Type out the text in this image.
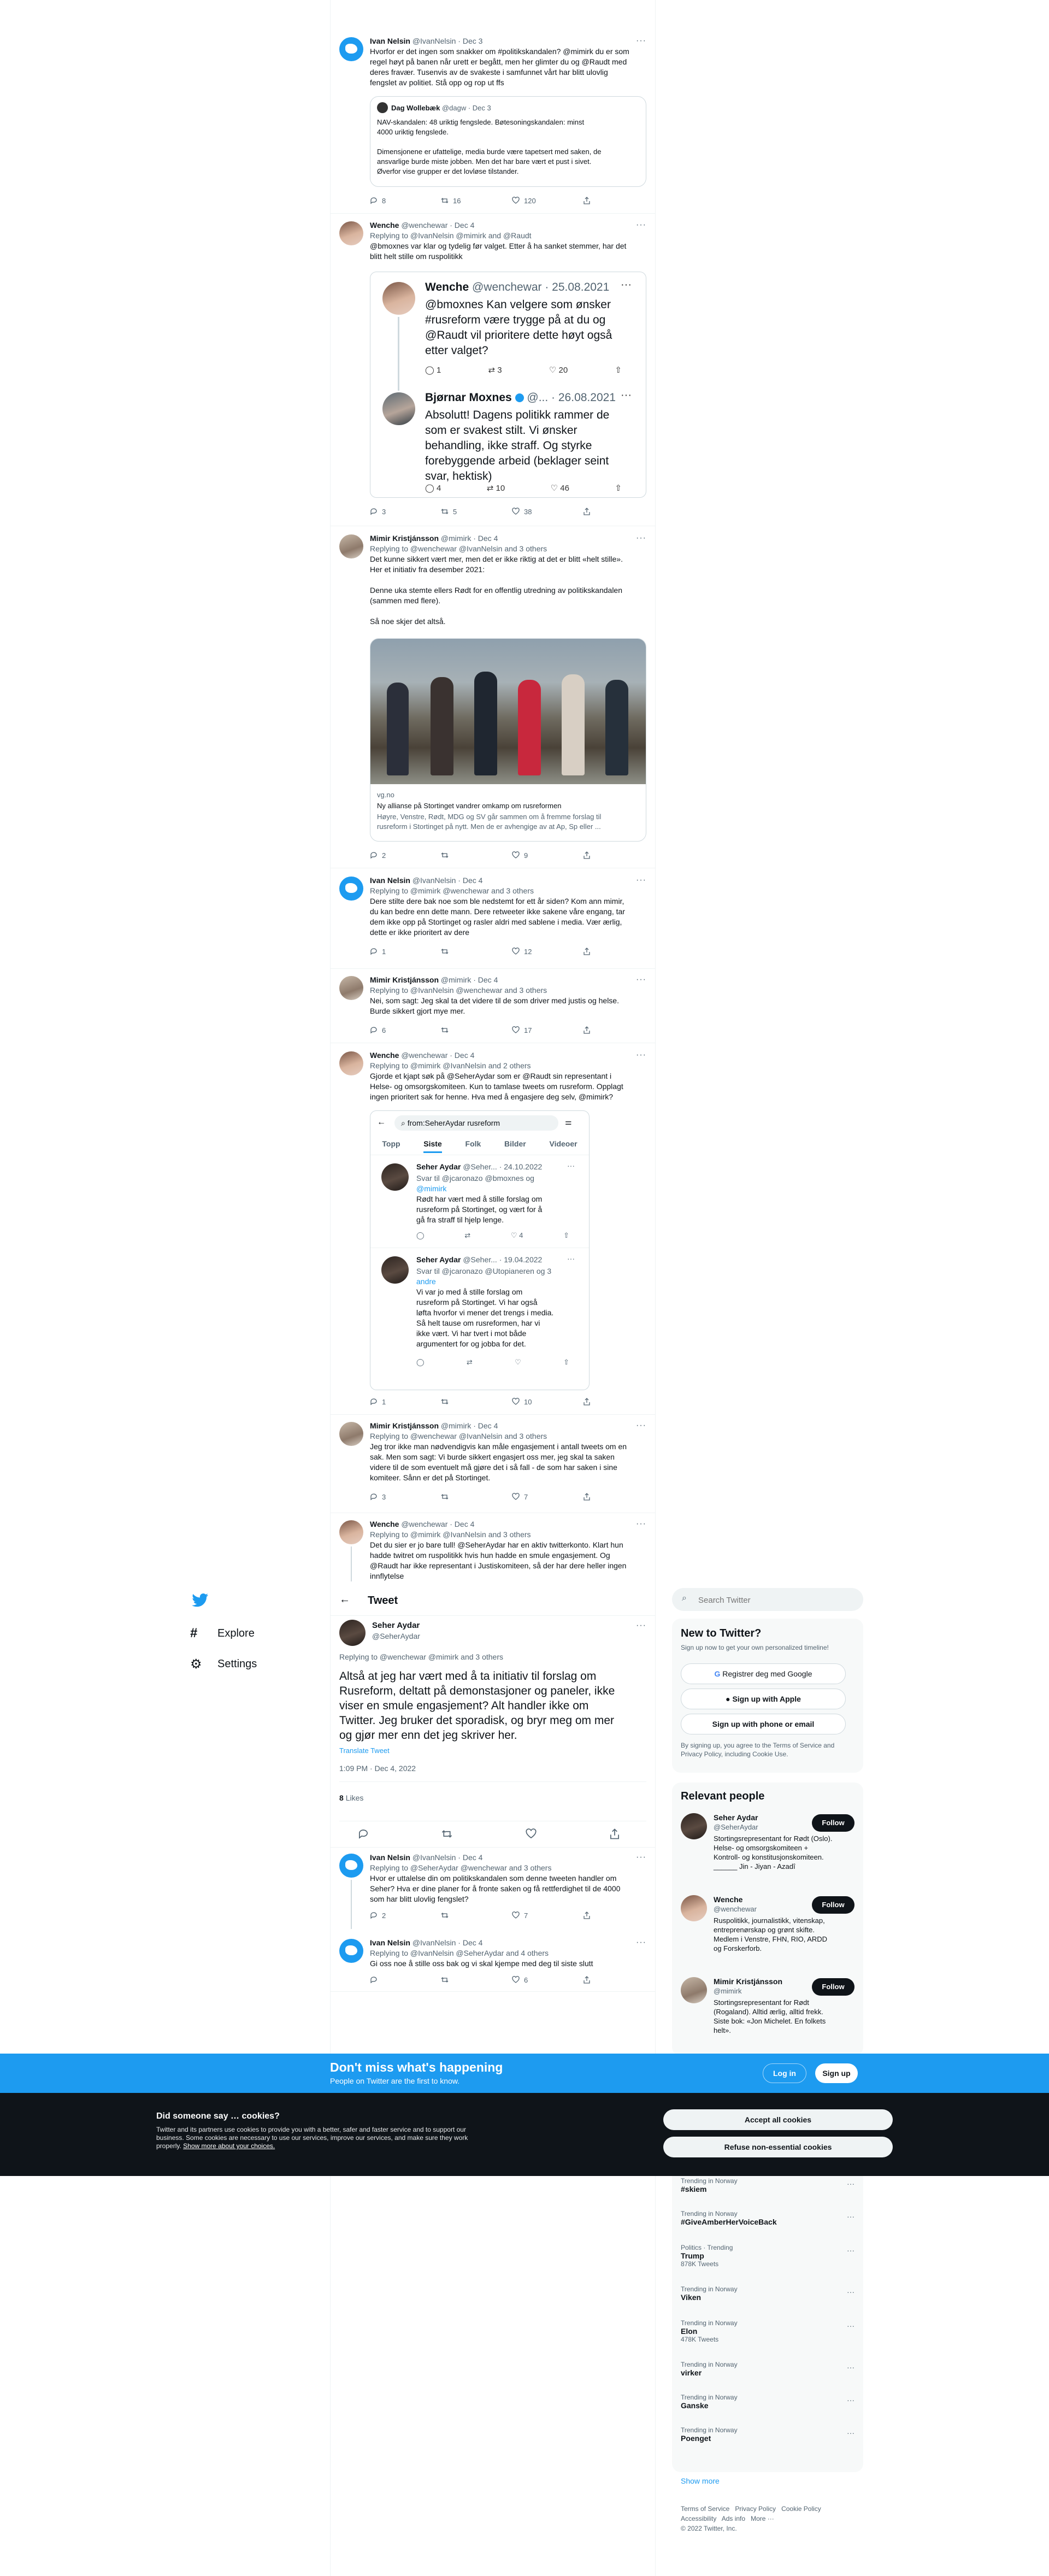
Ivan Nelsin @IvanNelsin · Dec 3

Hvorfor er det ingen som snakker om #politikskandalen? @mimirk du er som

regel høyt på banen når urett er begått, men her glimter du og @Raudt med

deres fravær. Tusenvis av de svakeste i samfunnet vårt har blitt ulovlig

fengslet av politiet. Stå opp og rop ut ffs

···
Dag Wollebæk @dagw · Dec 3
NAV-skandalen: 48 uriktig fengslede. Bøtesoningskandalen: minst
4000 uriktig fengslede.
Dimensjonene er ufattelige, media burde være tapetsert med saken, de
ansvarlige burde miste jobben. Men det har bare vært et pust i sivet.
Øverfor vise grupper er det lovløse tilstander.
8	16	120
Wenche @wenchewar · Dec 4
Replying to @IvanNelsin @mimirk and @Raudt

@bmoxnes var klar og tydelig før valget. Etter å ha sanket stemmer, har det

blitt helt stille om ruspolitikk

···
Wenche @wenchewar · 25.08.2021 ···
@bmoxnes Kan velgere som ønsker
#rusreform være trygge på at du og
@Raudt vil prioritere dette høyt også
etter valget?
◯ 1	⇄ 3	♡ 20	⇧
Bjørnar Moxnes @... · 26.08.2021 ···
Absolutt! Dagens politikk rammer de
som er svakest stilt. Vi ønsker
behandling, ikke straff. Og styrke
forebyggende arbeid (beklager seint
svar, hektisk)
◯ 4	⇄ 10	♡ 46	⇧
3	5	38
Mimir Kristjánsson @mimirk · Dec 4
Replying to @wenchewar @IvanNelsin and 3 others

Det kunne sikkert vært mer, men det er ikke riktig at det er blitt «helt stille».

Her et initiativ fra desember 2021:

Denne uka stemte ellers Rødt for en offentlig utredning av politikskandalen

(sammen med flere).

Så noe skjer det altså.

···
vg.no
Ny allianse på Stortinget vandrer omkamp om rusreformen
Høyre, Venstre, Rødt, MDG og SV går sammen om å fremme forslag til
rusreform i Stortinget på nytt. Men de er avhengige av at Ap, Sp eller ...
2	9
Ivan Nelsin @IvanNelsin · Dec 4
Replying to @mimirk @wenchewar and 3 others

Dere stilte dere bak noe som ble nedstemt for ett år siden? Kom ann mimir,

du kan bedre enn dette mann. Dere retweeter ikke sakene våre engang, tar

dem ikke opp på Stortinget og rasler aldri med sablene i media. Vær ærlig,

dette er ikke prioritert av dere

···
1	12
Mimir Kristjánsson @mimirk · Dec 4
Replying to @IvanNelsin @wenchewar and 3 others

Nei, som sagt: Jeg skal ta det videre til de som driver med justis og helse.

Burde sikkert gjort mye mer.

···
6	17
Wenche @wenchewar · Dec 4
Replying to @mimirk @IvanNelsin and 2 others

Gjorde et kjapt søk på @SeherAydar som er @Raudt sin representant i

Helse- og omsorgskomiteen. Kun to tamlase tweets om rusreform. Opplagt

ingen prioritert sak for henne. Hva med å engasjere deg selv, @mimirk?

···
←	⌕ from:SeherAydar rusreform	⚌
Topp	Siste	Folk	Bilder	Videoer
Seher Aydar @Seher... · 24.10.2022	···
Svar til @jcaronazo @bmoxnes og
@mimirk
Rødt har vært med å stille forslag om
rusreform på Stortinget, og vært for å
gå fra straff til hjelp lenge.
◯	⇄	♡ 4	⇧
Seher Aydar @Seher... · 19.04.2022	···
Svar til @jcaronazo @Utopianeren og 3
andre
Vi var jo med å stille forslag om
rusreform på Stortinget. Vi har også
løfta hvorfor vi mener det trengs i media.
Så helt tause om rusreformen, har vi
ikke vært. Vi har tvert i mot både
argumentert for og jobba for det.
◯	⇄	♡	⇧
1	10
Mimir Kristjánsson @mimirk · Dec 4
Replying to @wenchewar @IvanNelsin and 3 others

Jeg tror ikke man nødvendigvis kan måle engasjement i antall tweets om en

sak. Men som sagt: Vi burde sikkert engasjert oss mer, jeg skal ta saken

videre til de som eventuelt må gjøre det i så fall - de som har saken i sine

komiteer. Sånn er det på Stortinget.

···
3	7
Wenche @wenchewar · Dec 4
Replying to @mimirk @IvanNelsin and 3 others

Det du sier er jo bare tull! @SeherAydar har en aktiv twitterkonto. Klart hun

hadde twitret om ruspolitikk hvis hun hadde en smule engasjement. Og

@Raudt har ikke representant i Justiskomiteen, så der har dere heller ingen

innflytelse

···
← Tweet
Seher Aydar
@SeherAydar
···
Replying to @wenchewar @mimirk and 3 others
Altså at jeg har vært med å ta initiativ til forslag om
Rusreform, deltatt på demonstasjoner og paneler, ikke
viser en smule engasjement? Alt handler ikke om
Twitter. Jeg bruker det sporadisk, og bryr meg om mer
og gjør mer enn det jeg skriver her.
Translate Tweet
1:09 PM · Dec 4, 2022
8 Likes
Ivan Nelsin @IvanNelsin · Dec 4
Replying to @SeherAydar @wenchewar and 3 others

Hvor er uttalelse din om politikskandalen som denne tweeten handler om

Seher? Hva er dine planer for å fronte saken og få rettferdighet til de 4000

som har blitt ulovlig fengslet?

···
2	7
Ivan Nelsin @IvanNelsin · Dec 4
Replying to @IvanNelsin @SeherAydar and 4 others

Gi oss noe å stille oss bak og vi skal kjempe med deg til siste slutt

···
6
#	Explore
⚙	Settings
⌕
Search Twitter
New to Twitter?
Sign up now to get your own personalized timeline!
G Registrer deg med Google
● Sign up with Apple
Sign up with phone or email
By signing up, you agree to the Terms of Service and Privacy Policy, including Cookie Use.
Relevant people
Seher Aydar
@SeherAydar
Follow
Stortingsrepresentant for Rødt (Oslo).
Helse- og omsorgskomiteen +
Kontroll- og konstitusjonskomiteen.
______ Jin - Jiyan - Azadî
Wenche
@wenchewar
Follow
Ruspolitikk, journalistikk, vitenskap,
entreprenørskap og grønt skifte.
Medlem i Venstre, FHN, RIO, ARDD
og Forskerforb.
Mimir Kristjánsson
@mimirk
Follow
Stortingsrepresentant for Rødt
(Rogaland). Alltid ærlig, alltid frekk.
Siste bok: «Jon Michelet. En folkets
helt».
Trending in Norway
#skiem
···
Trending in Norway
#GiveAmberHerVoiceBack
···
Politics · Trending
Trump
878K Tweets
···
Trending in Norway
Viken
···
Trending in Norway
Elon
478K Tweets
···
Trending in Norway
virker
···
Trending in Norway
Ganske
···
Trending in Norway
Poenget
···
Show more
Terms of Service Privacy Policy Cookie Policy
Accessibility Ads info More ···
© 2022 Twitter, Inc.
Don't miss what's happening
People on Twitter are the first to know.
Log in	Sign up
Did someone say … cookies?
Twitter and its partners use cookies to provide you with a better, safer and faster service and to support our
business. Some cookies are necessary to use our services, improve our services, and make sure they work
properly. Show more about your choices.
Accept all cookies
Refuse non-essential cookies
